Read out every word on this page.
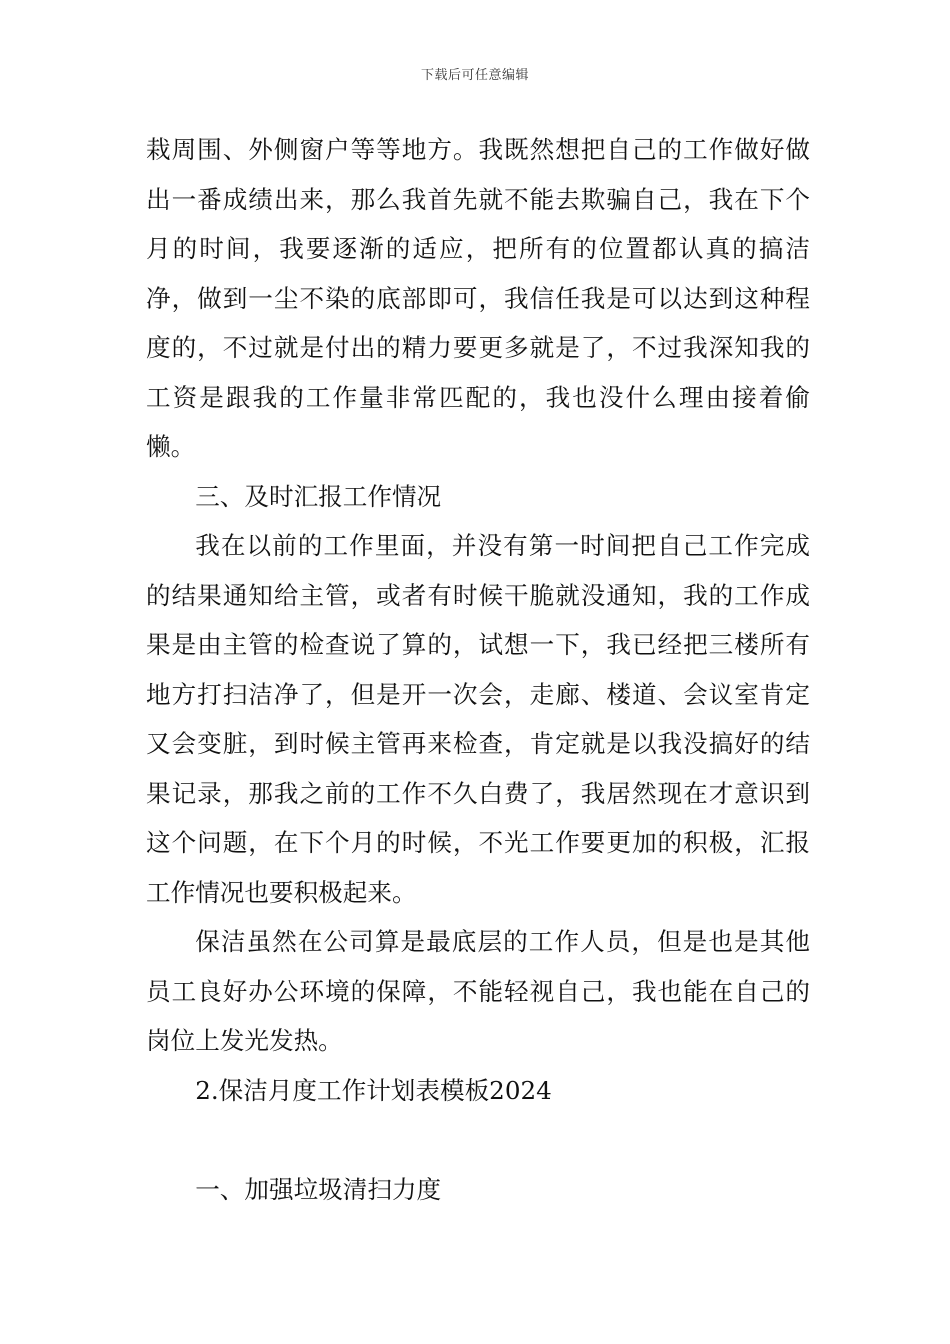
下载后可任意编辑

栽周围、外侧窗户等等地方。我既然想把自己的工作做好做出一番成绩出来，那么我首先就不能去欺骗自己，我在下个月的时间，我要逐渐的适应，把所有的位置都认真的搞洁净，做到一尘不染的底部即可，我信任我是可以达到这种程度的，不过就是付出的精力要更多就是了，不过我深知我的工资是跟我的工作量非常匹配的，我也没什么理由接着偷懒。

三、及时汇报工作情况

我在以前的工作里面，并没有第一时间把自己工作完成的结果通知给主管，或者有时候干脆就没通知，我的工作成果是由主管的检查说了算的，试想一下，我已经把三楼所有地方打扫洁净了，但是开一次会，走廊、楼道、会议室肯定又会变脏，到时候主管再来检查，肯定就是以我没搞好的结果记录，那我之前的工作不久白费了，我居然现在才意识到这个问题，在下个月的时候，不光工作要更加的积极，汇报工作情况也要积极起来。

保洁虽然在公司算是最底层的工作人员，但是也是其他员工良好办公环境的保障，不能轻视自己，我也能在自己的岗位上发光发热。

2.保洁月度工作计划表模板2024

一、加强垃圾清扫力度
